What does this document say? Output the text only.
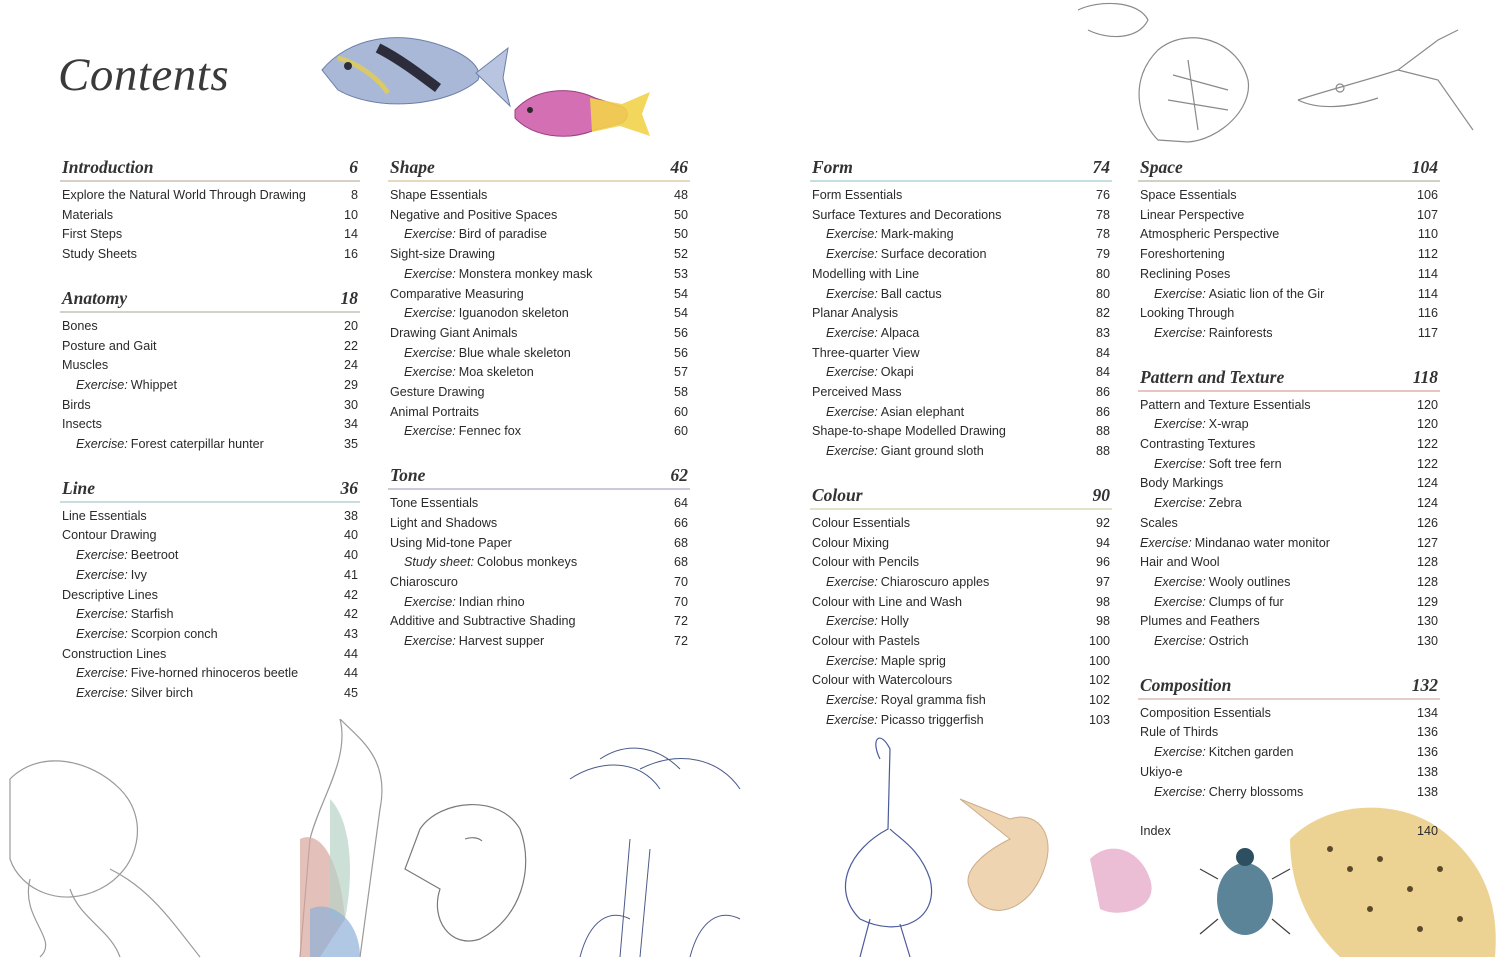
Contents
Introduction	6
Explore the Natural World Through Drawing	8
Materials	10
First Steps	14
Study Sheets	16
Anatomy	18
Bones	20
Posture and Gait	22
Muscles	24
Exercise: Whippet	29
Birds	30
Insects	34
Exercise: Forest caterpillar hunter	35
Line	36
Line Essentials	38
Contour Drawing	40
Exercise: Beetroot	40
Exercise: Ivy	41
Descriptive Lines	42
Exercise: Starfish	42
Exercise: Scorpion conch	43
Construction Lines	44
Exercise: Five-horned rhinoceros beetle	44
Exercise: Silver birch	45
Shape	46
Shape Essentials	48
Negative and Positive Spaces	50
Exercise: Bird of paradise	50
Sight-size Drawing	52
Exercise: Monstera monkey mask	53
Comparative Measuring	54
Exercise: Iguanodon skeleton	54
Drawing Giant Animals	56
Exercise: Blue whale skeleton	56
Exercise: Moa skeleton	57
Gesture Drawing	58
Animal Portraits	60
Exercise: Fennec fox	60
Tone	62
Tone Essentials	64
Light and Shadows	66
Using Mid-tone Paper	68
Study sheet: Colobus monkeys	68
Chiaroscuro	70
Exercise: Indian rhino	70
Additive and Subtractive Shading	72
Exercise: Harvest supper	72
Form	74
Form Essentials	76
Surface Textures and Decorations	78
Exercise: Mark-making	78
Exercise: Surface decoration	79
Modelling with Line	80
Exercise: Ball cactus	80
Planar Analysis	82
Exercise: Alpaca	83
Three-quarter View	84
Exercise: Okapi	84
Perceived Mass	86
Exercise: Asian elephant	86
Shape-to-shape Modelled Drawing	88
Exercise: Giant ground sloth	88
Colour	90
Colour Essentials	92
Colour Mixing	94
Colour with Pencils	96
Exercise: Chiaroscuro apples	97
Colour with Line and Wash	98
Exercise: Holly	98
Colour with Pastels	100
Exercise: Maple sprig	100
Colour with Watercolours	102
Exercise: Royal gramma fish	102
Exercise: Picasso triggerfish	103
Space	104
Space Essentials	106
Linear Perspective	107
Atmospheric Perspective	110
Foreshortening	112
Reclining Poses	114
Exercise: Asiatic lion of the Gir	114
Looking Through	116
Exercise: Rainforests	117
Pattern and Texture	118
Pattern and Texture Essentials	120
Exercise: X-wrap	120
Contrasting Textures	122
Exercise: Soft tree fern	122
Body Markings	124
Exercise: Zebra	124
Scales	126
Exercise: Mindanao water monitor	127
Hair and Wool	128
Exercise: Wooly outlines	128
Exercise: Clumps of fur	129
Plumes and Feathers	130
Exercise: Ostrich	130
Composition	132
Composition Essentials	134
Rule of Thirds	136
Exercise: Kitchen garden	136
Ukiyo-e	138
Exercise: Cherry blossoms	138
Index	140
